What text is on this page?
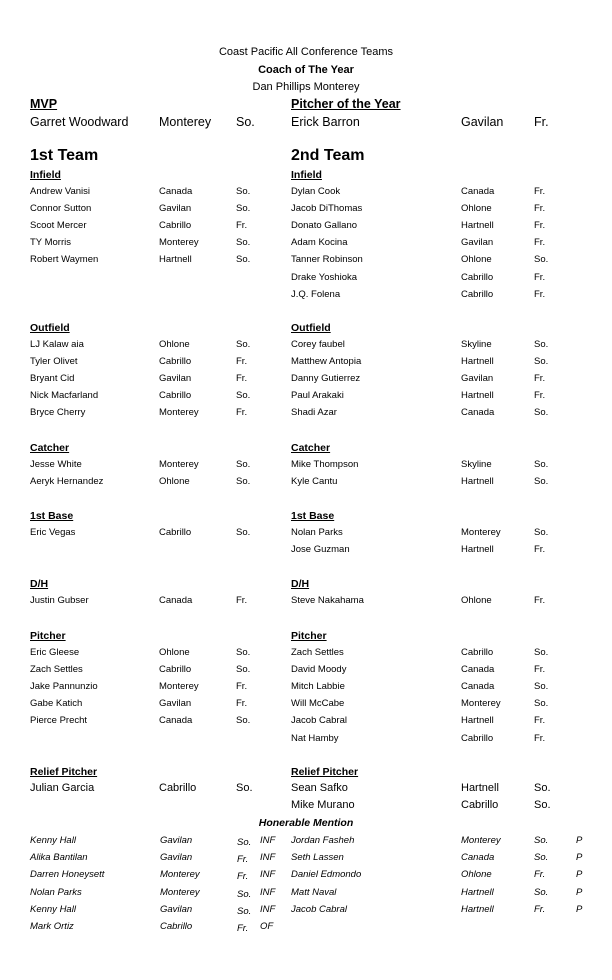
Coast Pacific All Conference Teams
Coach of The Year
Dan Phillips Monterey
MVP
Garret Woodward Monterey So.
Pitcher of the Year
Erick Barron	Gavilan Fr.
1st Team	2nd Team
Infield
Andrew Vanisi	Canada	So.
Connor Sutton	Gavilan	So.
Scoot Mercer	Cabrillo	Fr.
TY Morris	Monterey	So.
Robert Waymen	Hartnell	So.
Outfield
LJ Kalaw aia	Ohlone	So.
Tyler Olivet	Cabrillo	Fr.
Bryant Cid	Gavilan	Fr.
Nick Macfarland	Cabrillo	So.
Bryce Cherry	Monterey	Fr.
Catcher
Jesse White	Monterey	So.
Aeryk Hernandez	Ohlone	So.
1st Base
Eric Vegas	Cabrillo	So.
D/H
Justin Gubser	Canada	Fr.
Pitcher
Eric Gleese	Ohlone	So.
Zach Settles	Cabrillo	So.
Jake Pannunzio	Monterey	Fr.
Gabe Katich	Gavilan	Fr.
Pierce Precht	Canada	So.
Relief Pitcher
Julian Garcia	Cabrillo	So.
Infield
Dylan Cook	Canada	Fr.
Jacob DiThomas	Ohlone	Fr.
Donato Gallano	Hartnell	Fr.
Adam Kocina	Gavilan	Fr.
Tanner Robinson	Ohlone	So.
Drake Yoshioka	Cabrillo	Fr.
J.Q. Folena	Cabrillo	Fr.
Outfield
Corey faubel	Skyline	So.
Matthew Antopia	Hartnell	So.
Danny Gutierrez	Gavilan	Fr.
Paul Arakaki	Hartnell	Fr.
Shadi Azar	Canada	So.
Catcher
Mike Thompson	Skyline	So.
Kyle Cantu	Hartnell	So.
1st Base
Nolan Parks	Monterey	So.
Jose Guzman	Hartnell	Fr.
D/H
Steve Nakahama	Ohlone	Fr.
Pitcher
Zach Settles	Cabrillo	So.
David Moody	Canada	Fr.
Mitch Labbie	Canada	So.
Will McCabe	Monterey	So.
Jacob Cabral	Hartnell	Fr.
Nat Hamby	Cabrillo	Fr.
Relief Pitcher
Sean Safko	Hartnell	So.
Mike Murano	Cabrillo	So.
Honerable Mention
Kenny Hall	Gavilan	So. INF
Alika Bantilan	Gavilan	Fr. INF
Darren Honeysett	Monterey	Fr. INF
Nolan Parks	Monterey	So. INF
Kenny Hall	Gavilan	So. INF
Mark Ortiz	Cabrillo	Fr. OF
Jordan Fasheh	Monterey	So.	P
Seth Lassen	Canada	So.	P
Daniel Edmondo	Ohlone	Fr.	P
Matt Naval	Hartnell	So.	P
Jacob Cabral	Hartnell	Fr.	P
